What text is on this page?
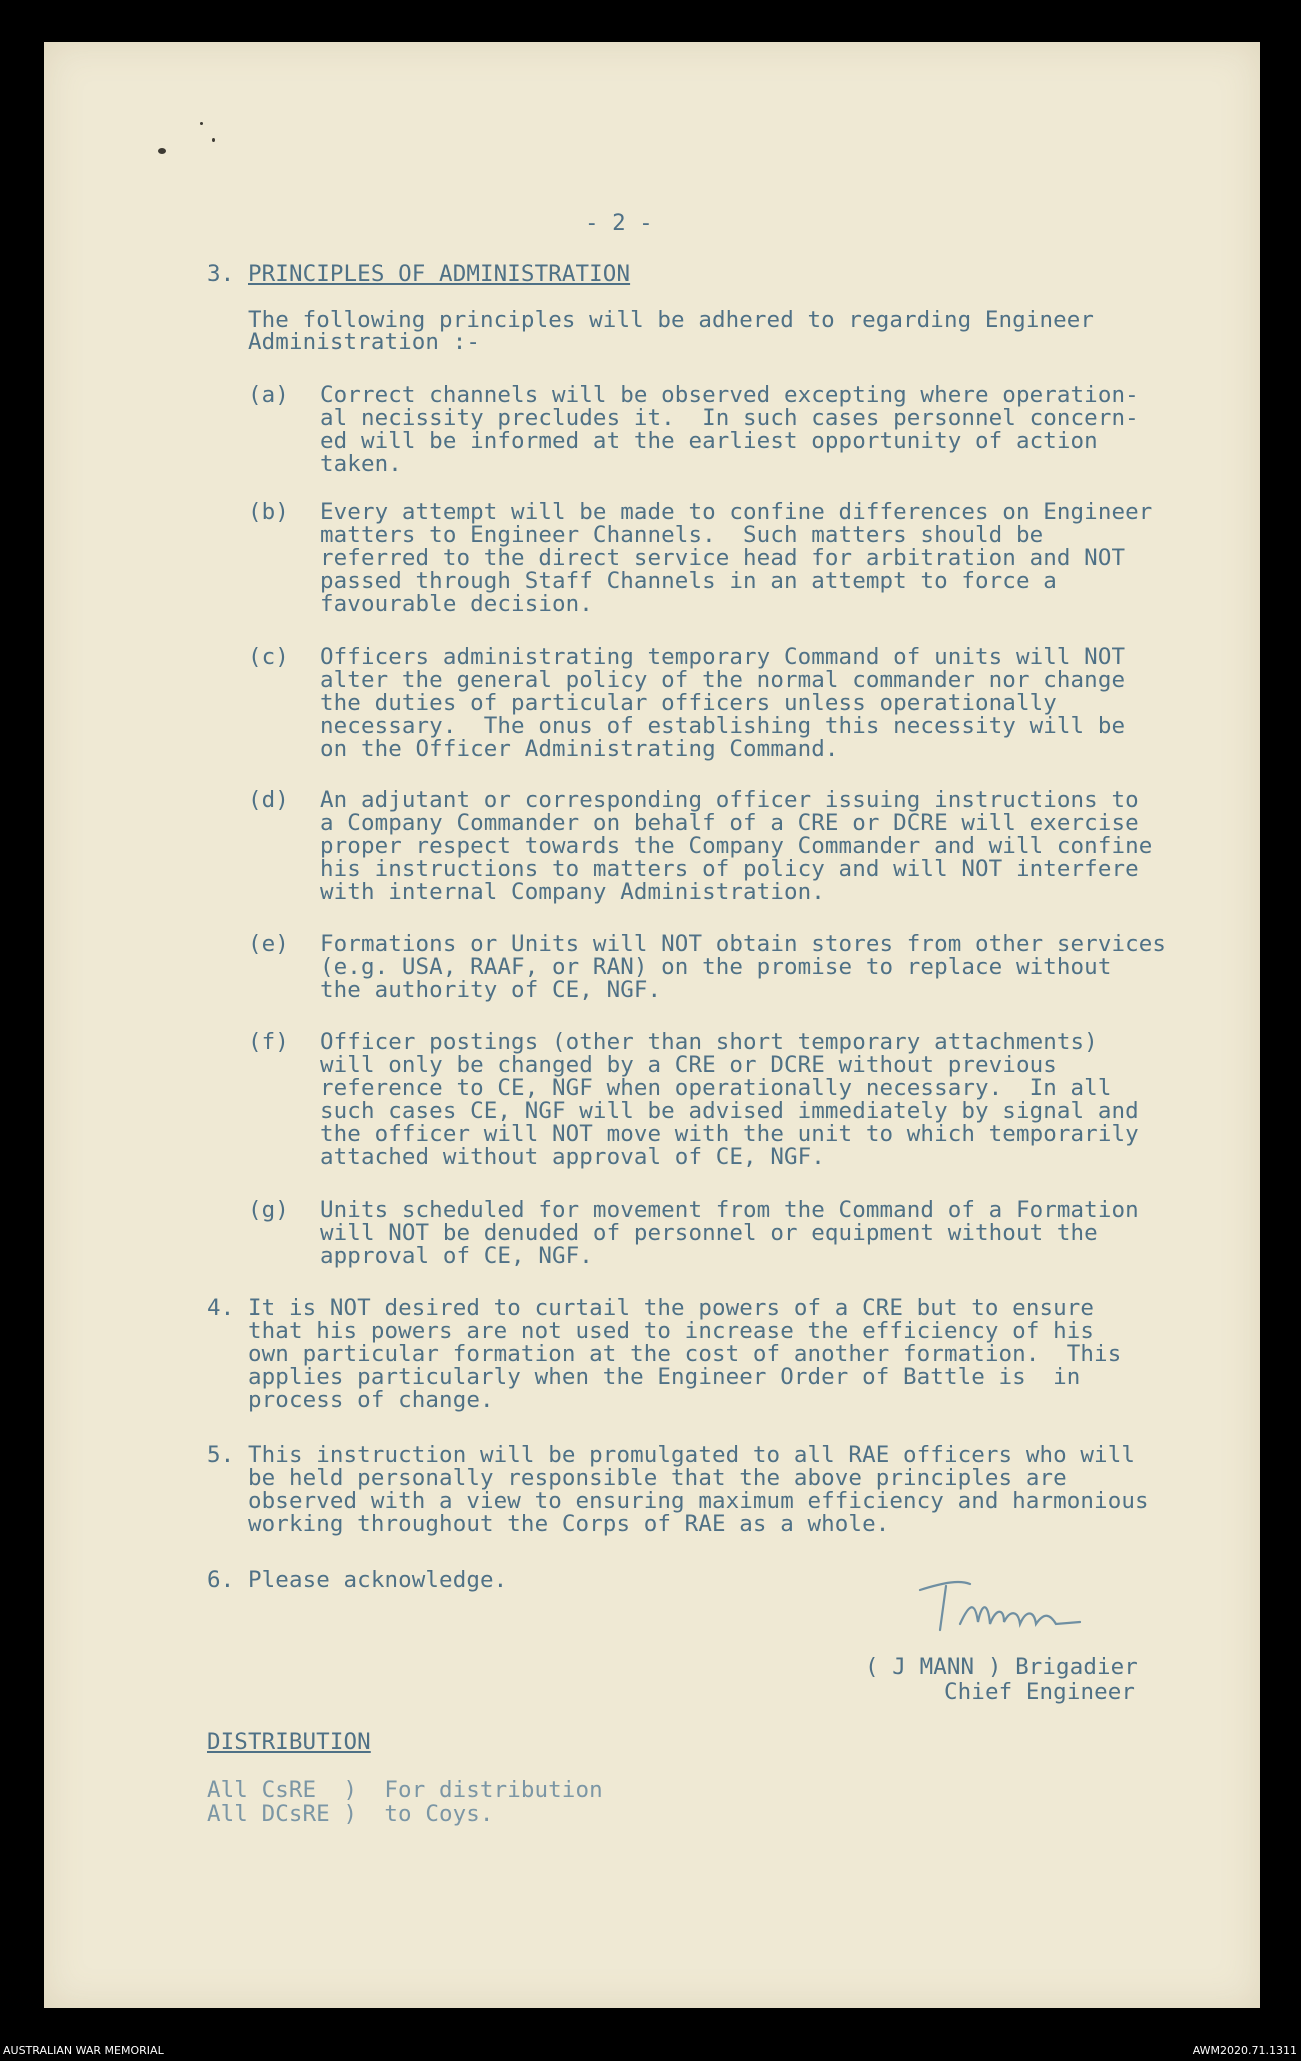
- 2 -
3. PRINCIPLES OF ADMINISTRATION
The following principles will be adhered to regarding Engineer
Administration :-
(a) Correct channels will be observed excepting where operation-
al necissity precludes it.  In such cases personnel concern-
ed will be informed at the earliest opportunity of action
taken.
(b) Every attempt will be made to confine differences on Engineer
matters to Engineer Channels.  Such matters should be
referred to the direct service head for arbitration and NOT
passed through Staff Channels in an attempt to force a
favourable decision.
(c) Officers administrating temporary Command of units will NOT
alter the general policy of the normal commander nor change
the duties of particular officers unless operationally
necessary.  The onus of establishing this necessity will be
on the Officer Administrating Command.
(d) An adjutant or corresponding officer issuing instructions to
a Company Commander on behalf of a CRE or DCRE will exercise
proper respect towards the Company Commander and will confine
his instructions to matters of policy and will NOT interfere
with internal Company Administration.
(e) Formations or Units will NOT obtain stores from other services
(e.g. USA, RAAF, or RAN) on the promise to replace without
the authority of CE, NGF.
(f) Officer postings (other than short temporary attachments)
will only be changed by a CRE or DCRE without previous
reference to CE, NGF when operationally necessary.  In all
such cases CE, NGF will be advised immediately by signal and
the officer will NOT move with the unit to which temporarily
attached without approval of CE, NGF.
(g) Units scheduled for movement from the Command of a Formation
will NOT be denuded of personnel or equipment without the
approval of CE, NGF.
4. It is NOT desired to curtail the powers of a CRE but to ensure
that his powers are not used to increase the efficiency of his
own particular formation at the cost of another formation.  This
applies particularly when the Engineer Order of Battle is  in
process of change.
5. This instruction will be promulgated to all RAE officers who will
be held personally responsible that the above principles are
observed with a view to ensuring maximum efficiency and harmonious
working throughout the Corps of RAE as a whole.
6. Please acknowledge.
( J MANN ) Brigadier
Chief Engineer
DISTRIBUTION
All CsRE  )  For distribution
All DCsRE )  to Coys.
AUSTRALIAN WAR MEMORIAL	AWM2020.71.1311
